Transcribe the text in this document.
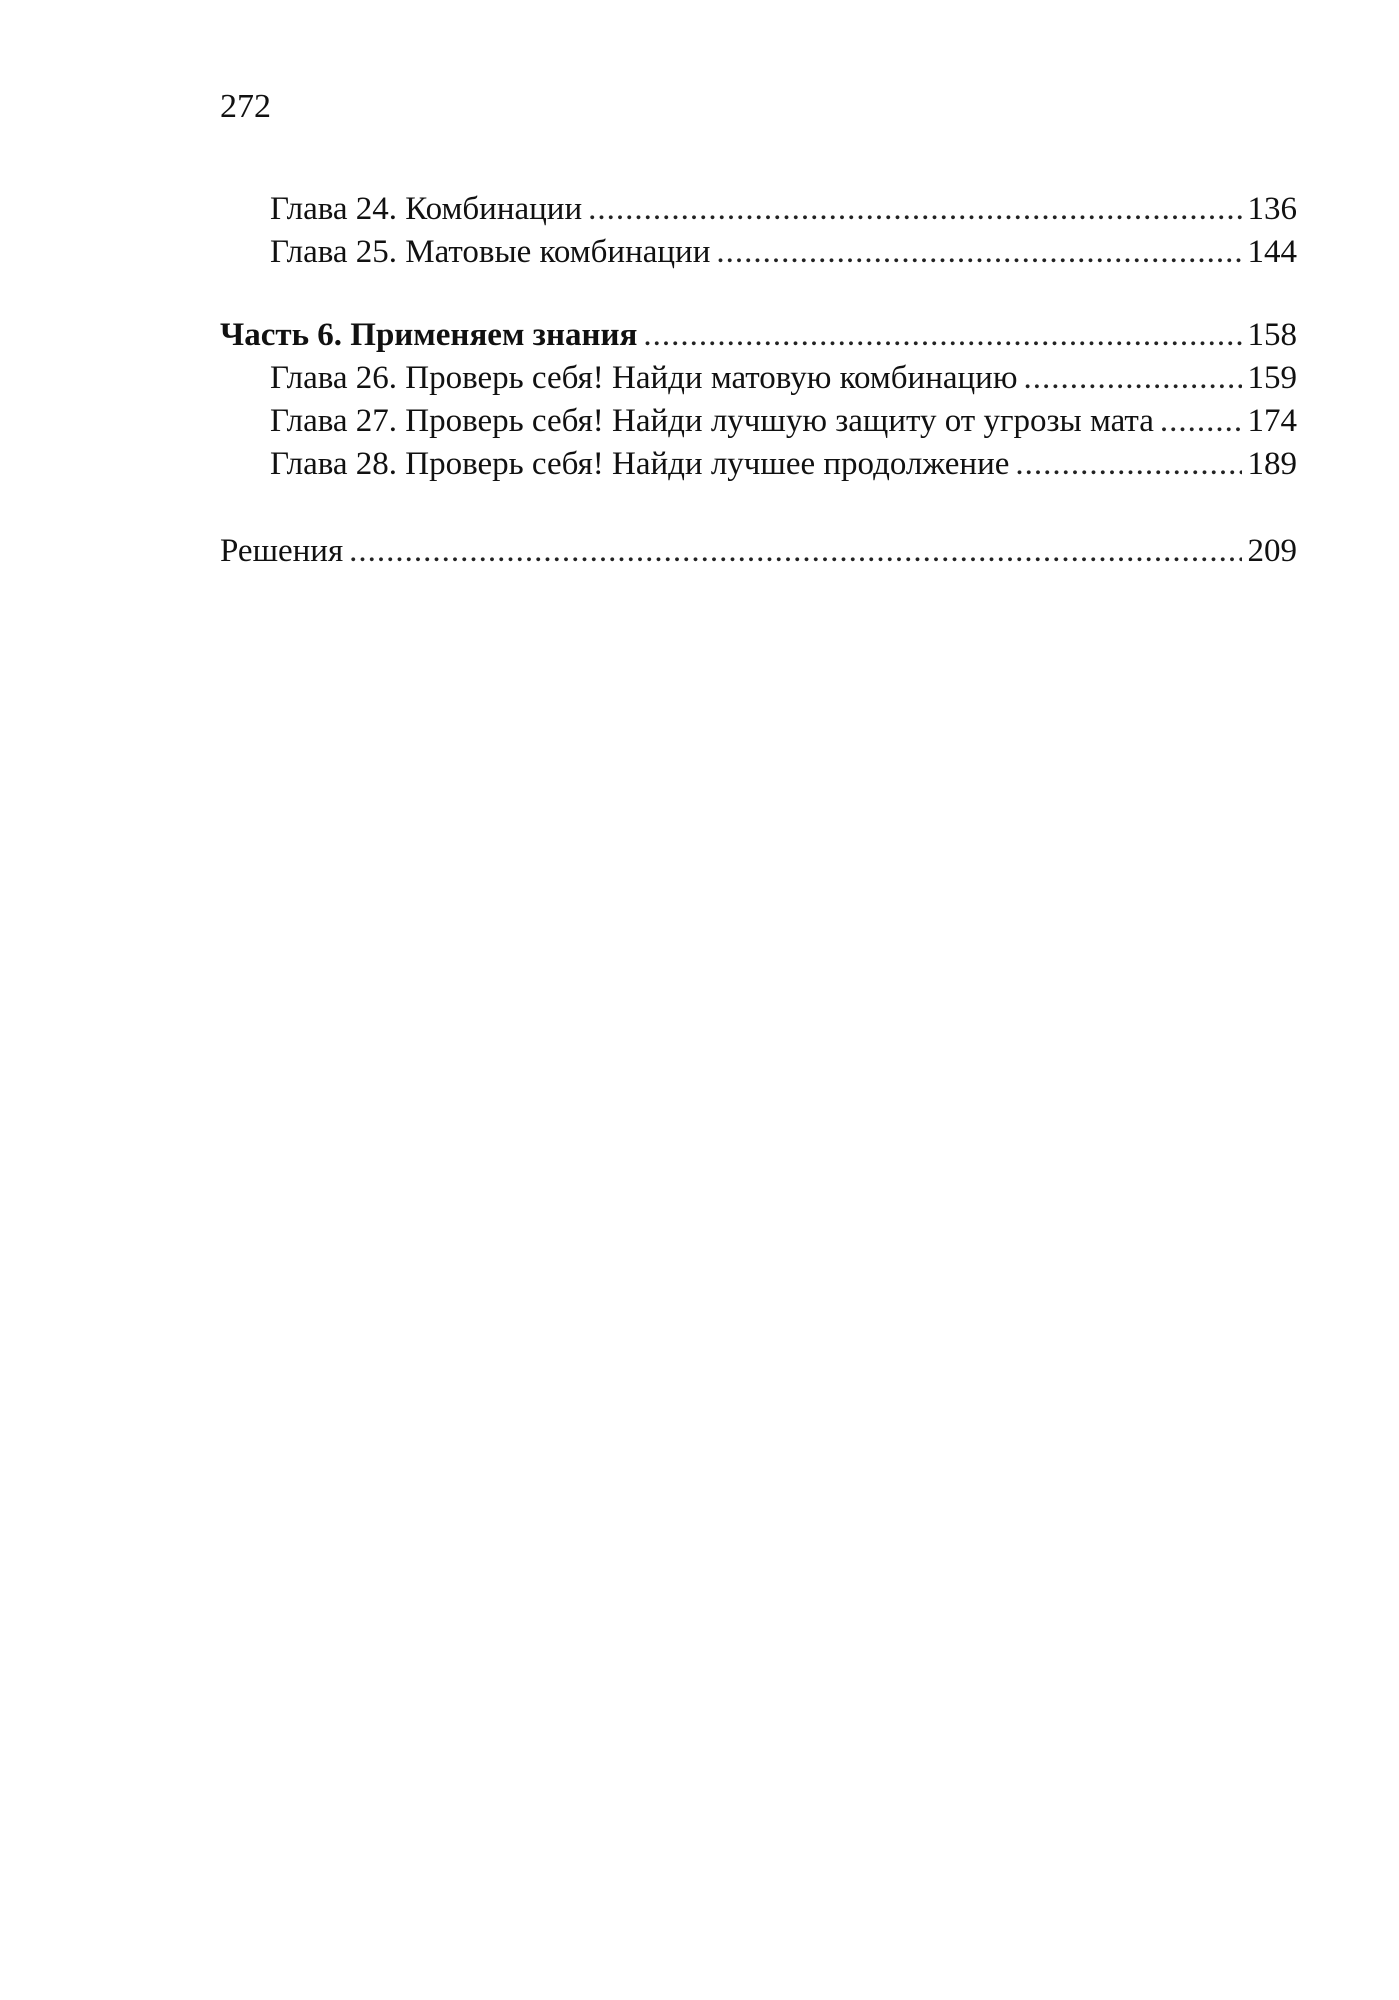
272
Глава 24. Комбинации .....	136
Глава 25. Матовые комбинации .....	144
Часть 6. Применяем знания .....	158
Глава 26. Проверь себя! Найди матовую комбинацию .....	159
Глава 27. Проверь себя! Найди лучшую защиту от угрозы мата .....	174
Глава 28. Проверь себя! Найди лучшее продолжение .....	189
Решения .....	209
